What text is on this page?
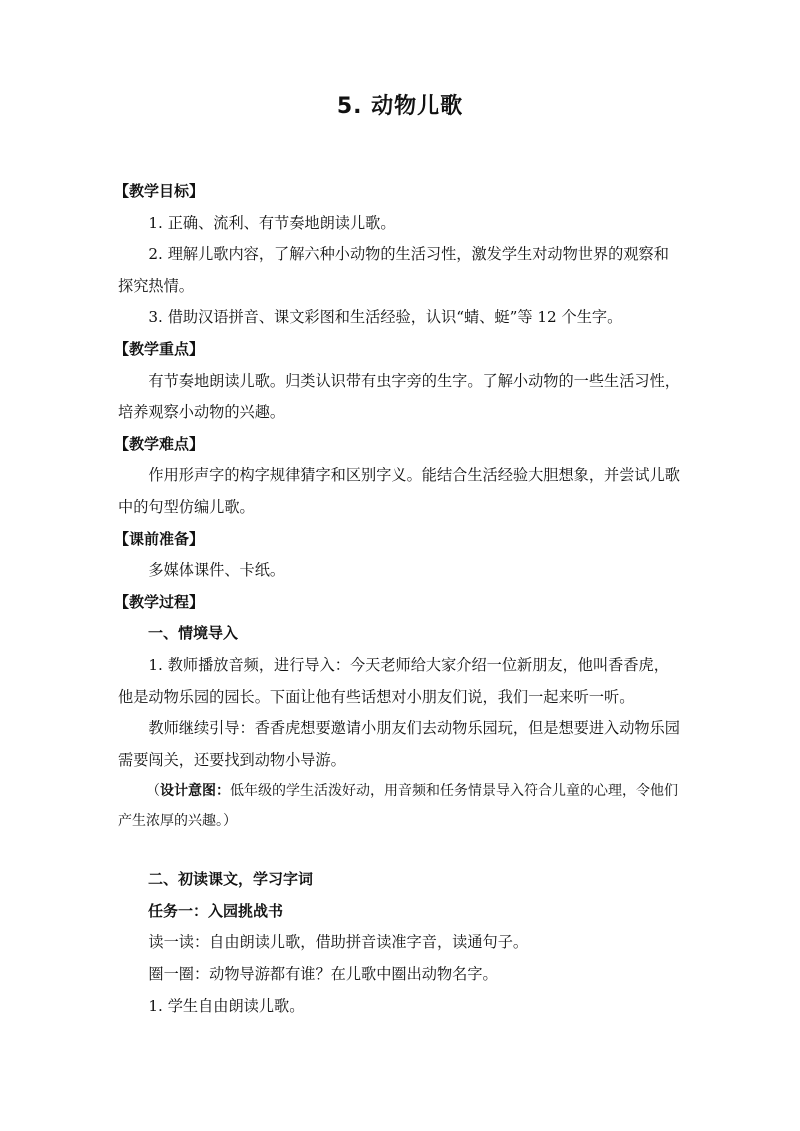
5. 动物儿歌

【教学目标】

1. 正确、流利、有节奏地朗读儿歌。

2. 理解儿歌内容，了解六种小动物的生活习性，激发学生对动物世界的观察和探究热情。

3. 借助汉语拼音、课文彩图和生活经验，认识“蜻、蜓”等 12 个生字。

【教学重点】

有节奏地朗读儿歌。归类认识带有虫字旁的生字。了解小动物的一些生活习性，培养观察小动物的兴趣。

【教学难点】

作用形声字的构字规律猜字和区别字义。能结合生活经验大胆想象，并尝试儿歌中的句型仿编儿歌。

【课前准备】

多媒体课件、卡纸。

【教学过程】

一、情境导入

1. 教师播放音频，进行导入：今天老师给大家介绍一位新朋友，他叫香香虎，他是动物乐园的园长。下面让他有些话想对小朋友们说，我们一起来听一听。

教师继续引导：香香虎想要邀请小朋友们去动物乐园玩，但是想要进入动物乐园需要闯关，还要找到动物小导游。

（设计意图：低年级的学生活泼好动，用音频和任务情景导入符合儿童的心理，令他们产生浓厚的兴趣。）

二、初读课文，学习字词

任务一：入园挑战书

读一读：自由朗读儿歌，借助拼音读准字音，读通句子。

圈一圈：动物导游都有谁？在儿歌中圈出动物名字。

1. 学生自由朗读儿歌。
